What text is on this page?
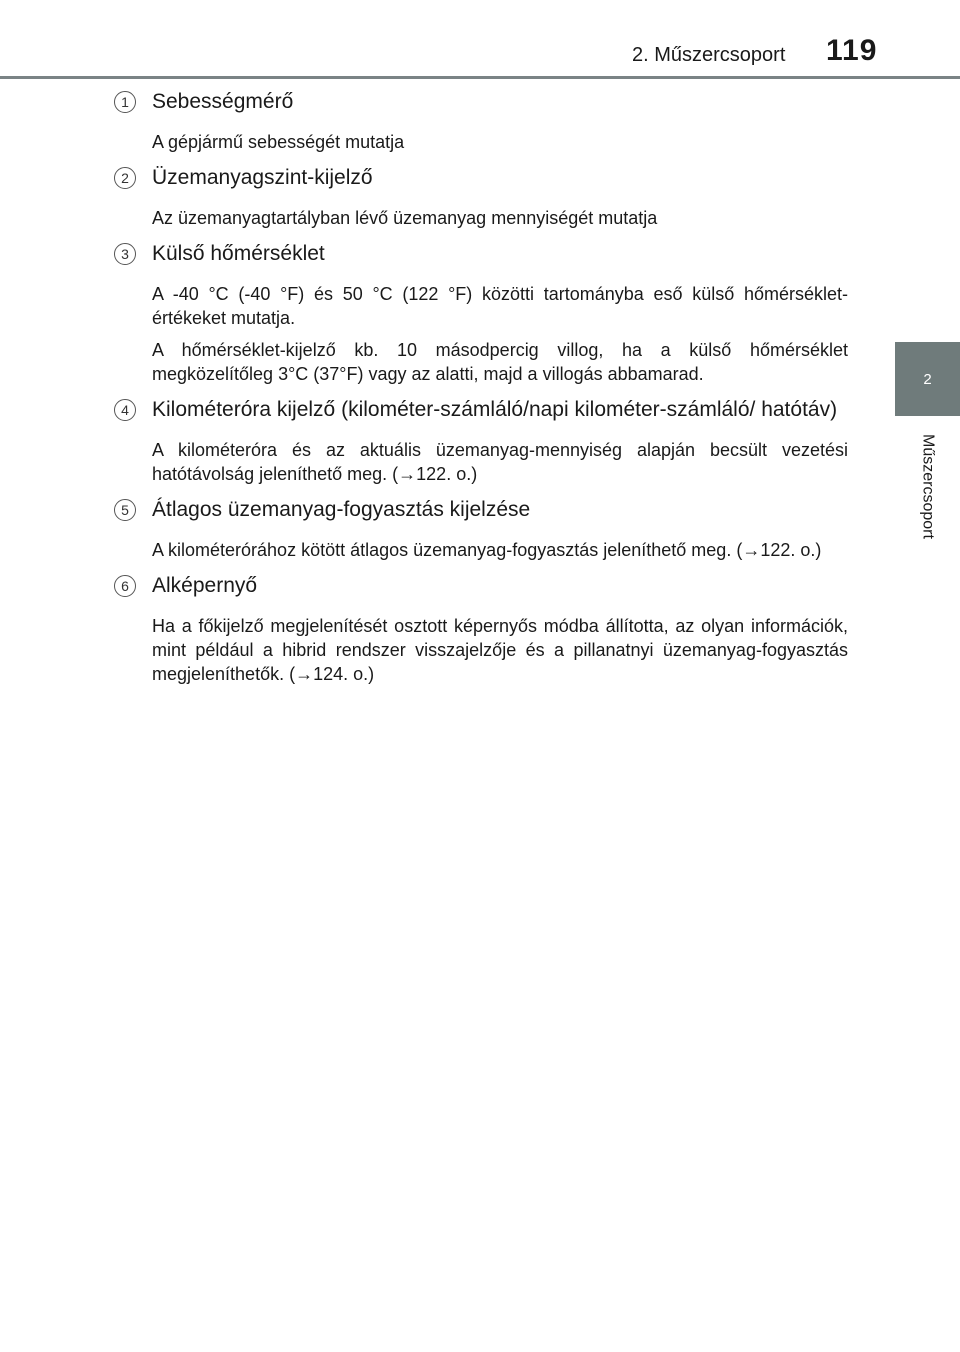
2. Műszercsoport 119
2
Műszercsoport
1	Sebességmérő
A gépjármű sebességét mutatja
2	Üzemanyagszint-kijelző
Az üzemanyagtartályban lévő üzemanyag mennyiségét mutatja
3	Külső hőmérséklet
A -40 °C (-40 °F) és 50 °C (122 °F) közötti tartományba eső külső hőmérséklet-értékeket mutatja.
A hőmérséklet-kijelző kb. 10 másodpercig villog, ha a külső hőmérséklet megközelítőleg 3°C (37°F) vagy az alatti, majd a villogás abbamarad.
4	Kilométeróra kijelző (kilométer-számláló/napi kilométer-számláló/ hatótáv)
A kilométeróra és az aktuális üzemanyag-mennyiség alapján becsült vezetési hatótávolság jeleníthető meg. (→122. o.)
5	Átlagos üzemanyag-fogyasztás kijelzése
A kilométerórához kötött átlagos üzemanyag-fogyasztás jeleníthető meg. (→122. o.)
6	Alképernyő
Ha a főkijelző megjelenítését osztott képernyős módba állította, az olyan információk, mint például a hibrid rendszer visszajelzője és a pillanatnyi üzemanyag-fogyasztás megjeleníthetők. (→124. o.)
